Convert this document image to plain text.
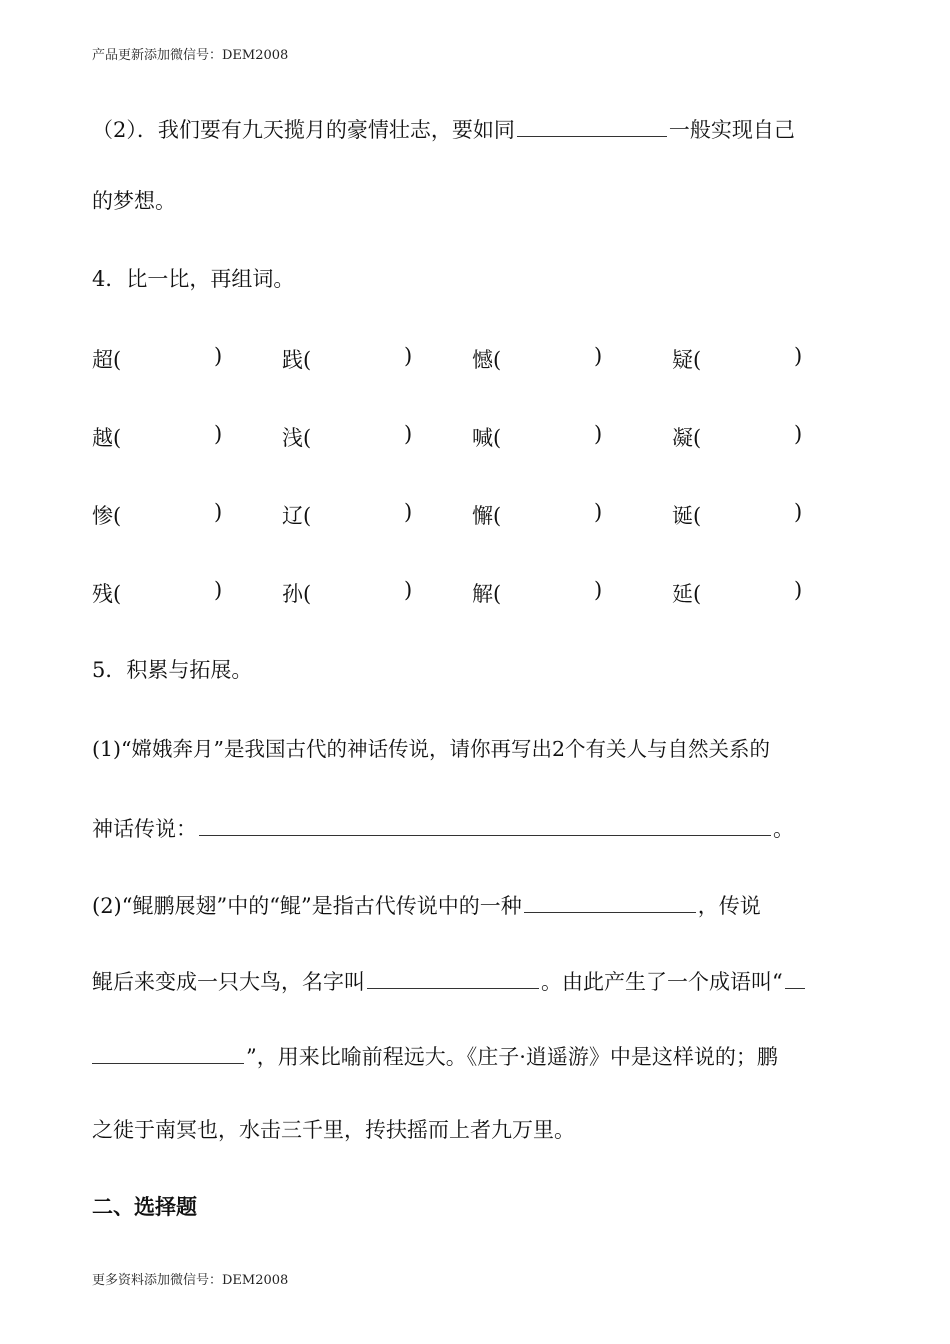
产品更新添加微信号：DEM2008
（2）．我们要有九天揽月的豪情壮志，要如同	一般实现自己
的梦想。
4．比一比，再组词。
超(	)	践(	)	憾(	)	疑(	)
越(	)	浅(	)	喊(	)	凝(	)
惨(	)	辽(	)	懈(	)	诞(	)
残(	)	孙(	)	解(	)	延(	)
5．积累与拓展。
(1)“嫦娥奔月”是我国古代的神话传说，请你再写出2个有关人与自然关系的
神话传说：	。
(2)“鲲鹏展翅”中的“鲲”是指古代传说中的一种	，传说
鲲后来变成一只大鸟，名字叫	。由此产生了一个成语叫“
”，用来比喻前程远大。《庄子·逍遥游》中是这样说的；鹏
之徙于南冥也，水击三千里，抟扶摇而上者九万里。
二、选择题
更多资料添加微信号：DEM2008
